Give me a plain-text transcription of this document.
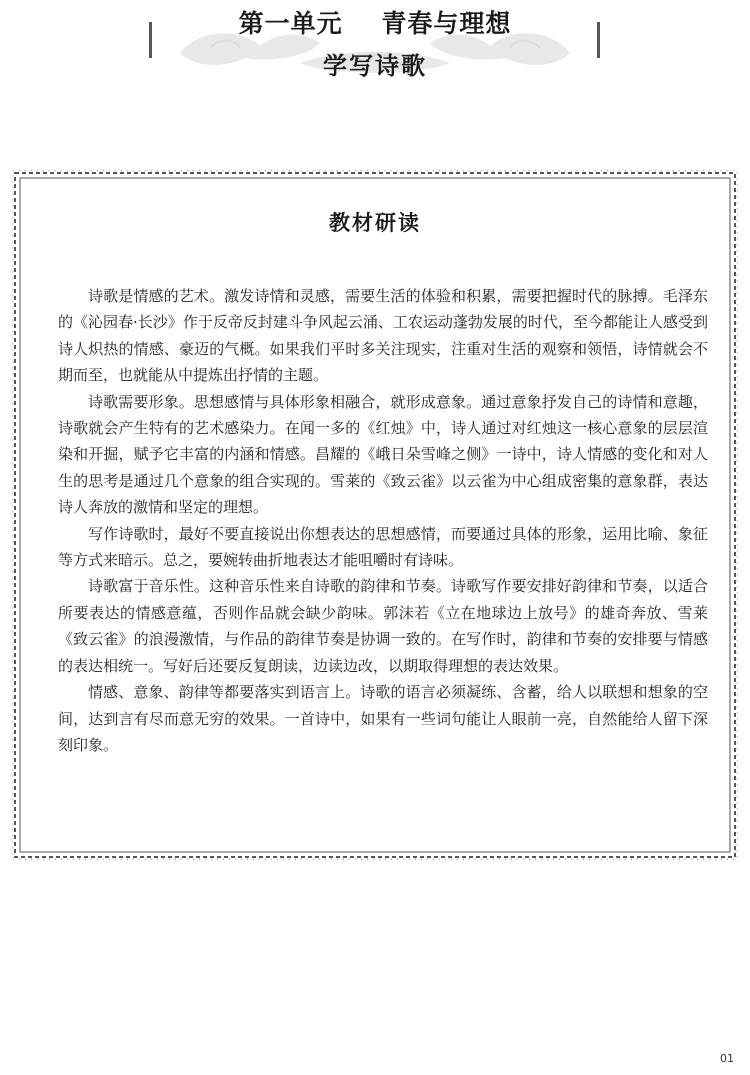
第一单元    青春与理想
学写诗歌
教材研读

诗歌是情感的艺术。激发诗情和灵感，需要生活的体验和积累，需要把握时代的脉搏。毛泽东的《沁园春·长沙》作于反帝反封建斗争风起云涌、工农运动蓬勃发展的时代，至今都能让人感受到诗人炽热的情感、豪迈的气概。如果我们平时多关注现实，注重对生活的观察和领悟，诗情就会不期而至，也就能从中提炼出抒情的主题。

诗歌需要形象。思想感情与具体形象相融合，就形成意象。通过意象抒发自己的诗情和意趣，诗歌就会产生特有的艺术感染力。在闻一多的《红烛》中，诗人通过对红烛这一核心意象的层层渲染和开掘，赋予它丰富的内涵和情感。昌耀的《峨日朵雪峰之侧》一诗中，诗人情感的变化和对人生的思考是通过几个意象的组合实现的。雪莱的《致云雀》以云雀为中心组成密集的意象群，表达诗人奔放的激情和坚定的理想。

写作诗歌时，最好不要直接说出你想表达的思想感情，而要通过具体的形象，运用比喻、象征等方式来暗示。总之，要婉转曲折地表达才能咀嚼时有诗味。

诗歌富于音乐性。这种音乐性来自诗歌的韵律和节奏。诗歌写作要安排好韵律和节奏，以适合所要表达的情感意蕴，否则作品就会缺少韵味。郭沫若《立在地球边上放号》的雄奇奔放、雪莱《致云雀》的浪漫激情，与作品的韵律节奏是协调一致的。在写作时，韵律和节奏的安排要与情感的表达相统一。写好后还要反复朗读，边读边改，以期取得理想的表达效果。

情感、意象、韵律等都要落实到语言上。诗歌的语言必须凝练、含蓄，给人以联想和想象的空间，达到言有尽而意无穷的效果。一首诗中，如果有一些词句能让人眼前一亮，自然能给人留下深刻印象。

01
